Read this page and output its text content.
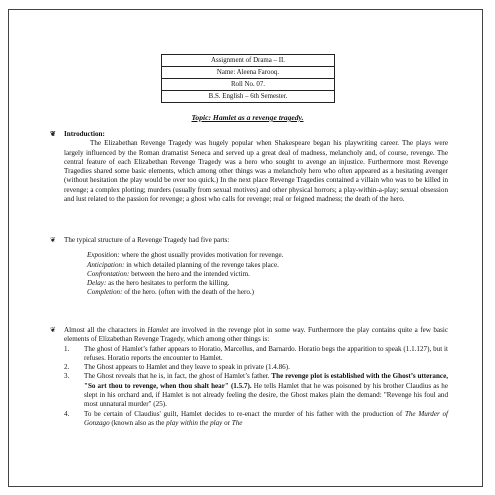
Assignment of Drama – II.
Name: Aleena Farooq.
Roll No. 07.
B.S. English – 6th Semester.
Topic: Hamlet as a revenge tragedy.
❦ Introduction:
The Elizabethan Revenge Tragedy was hugely popular when Shakespeare began his playwriting career. The plays were largely influenced by the Roman dramatist Seneca and served up a great deal of madness, melancholy and, of course, revenge. The central feature of each Elizabethan Revenge Tragedy was a hero who sought to avenge an injustice. Furthermore most Revenge Tragedies shared some basic elements, which among other things was a melancholy hero who often appeared as a hesitating avenger (without hesitation the play would be over too quick.) In the next place Revenge Tragedies contained a villain who was to be killed in revenge; a complex plotting; murders (usually from sexual motives) and other physical horrors; a play-within-a-play; sexual obsession and lust related to the passion for revenge; a ghost who calls for revenge; real or feigned madness; the death of the hero.
❦ The typical structure of a Revenge Tragedy had five parts:
Exposition: where the ghost usually provides motivation for revenge.
Anticipation: in which detailed planning of the revenge takes place.
Confrontation: between the hero and the intended victim.
Delay: as the hero hesitates to perform the killing.
Completion: of the hero. (often with the death of the hero.)
❦ Almost all the characters in Hamlet are involved in the revenge plot in some way. Furthermore the play contains quite a few basic elements of Elizabethan Revenge Tragedy, which among other things is:
1. The ghost of Hamlet’s father appears to Horatio, Marcellus, and Barnardo. Horatio begs the apparition to speak (1.1.127), but it refuses. Horatio reports the encounter to Hamlet.
2. The Ghost appears to Hamlet and they leave to speak in private (1.4.86).
3. The Ghost reveals that he is, in fact, the ghost of Hamlet’s father. The revenge plot is established with the Ghost’s utterance, "So art thou to revenge, when thou shalt hear" (1.5.7). He tells Hamlet that he was poisoned by his brother Claudius as he slept in his orchard and, if Hamlet is not already feeling the desire, the Ghost makes plain the demand: "Revenge his foul and most unnatural murder" (25).
4. To be certain of Claudius' guilt, Hamlet decides to re-enact the murder of his father with the production of The Murder of Gonzago (known also as the play within the play or The
